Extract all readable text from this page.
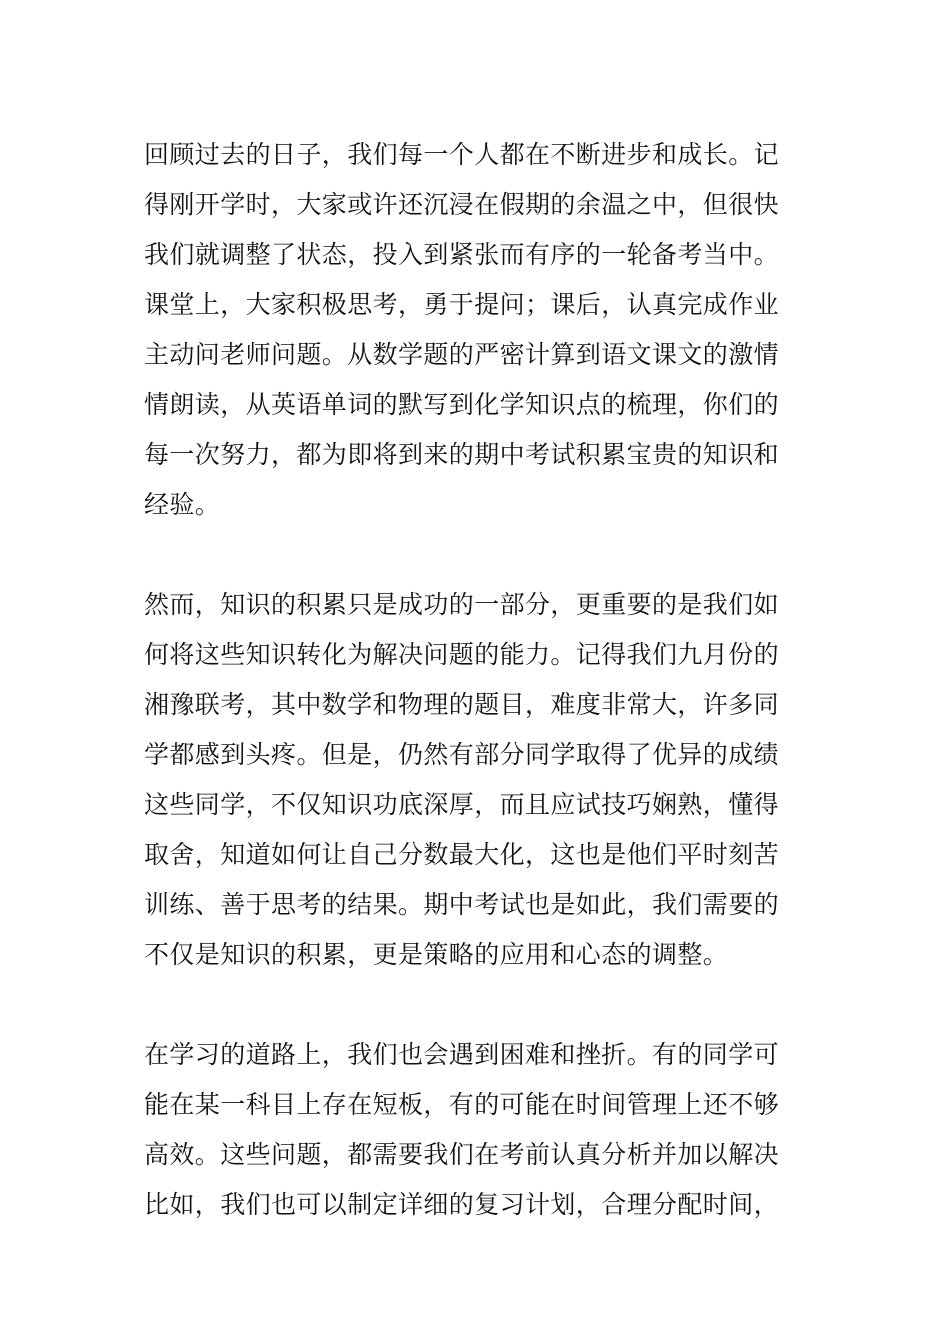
回顾过去的日子，我们每一个人都在不断进步和成长。记
得刚开学时，大家或许还沉浸在假期的余温之中，但很快
我们就调整了状态，投入到紧张而有序的一轮备考当中。
课堂上，大家积极思考，勇于提问；课后，认真完成作业
主动问老师问题。从数学题的严密计算到语文课文的激情
情朗读，从英语单词的默写到化学知识点的梳理，你们的
每一次努力，都为即将到来的期中考试积累宝贵的知识和
经验。
然而，知识的积累只是成功的一部分，更重要的是我们如
何将这些知识转化为解决问题的能力。记得我们九月份的
湘豫联考，其中数学和物理的题目，难度非常大，许多同
学都感到头疼。但是，仍然有部分同学取得了优异的成绩
这些同学，不仅知识功底深厚，而且应试技巧娴熟，懂得
取舍，知道如何让自己分数最大化，这也是他们平时刻苦
训练、善于思考的结果。期中考试也是如此，我们需要的
不仅是知识的积累，更是策略的应用和心态的调整。
在学习的道路上，我们也会遇到困难和挫折。有的同学可
能在某一科目上存在短板，有的可能在时间管理上还不够
高效。这些问题，都需要我们在考前认真分析并加以解决
比如，我们也可以制定详细的复习计划，合理分配时间，
